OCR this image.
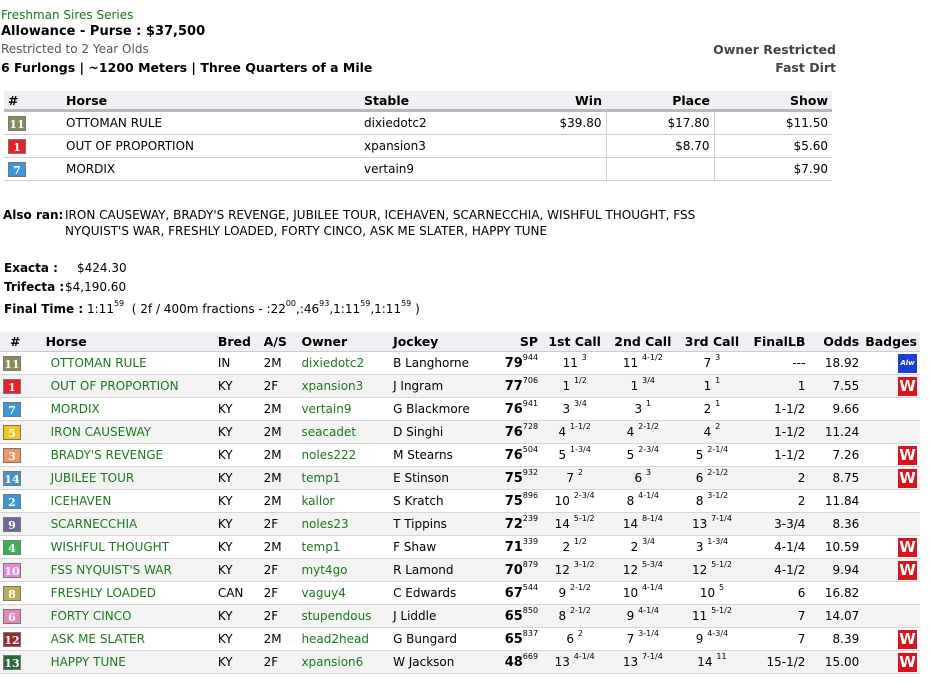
Freshman Sires Series
Allowance - Purse : $37,500
Restricted to 2 Year Olds
6 Furlongs | ~1200 Meters | Three Quarters of a Mile
Owner Restricted
Fast Dirt
#	Horse	Stable	Win	Place	Show
11	OTTOMAN RULE	dixiedotc2	$39.80	$17.80	$11.50
1	OUT OF PROPORTION	xpansion3		$8.70	$5.60
7	MORDIX	vertain9			$7.90
Also ran: IRON CAUSEWAY, BRADY'S REVENGE, JUBILEE TOUR, ICEHAVEN, SCARNECCHIA, WISHFUL THOUGHT, FSS
NYQUIST'S WAR, FRESHLY LOADED, FORTY CINCO, ASK ME SLATER, HAPPY TUNE
Exacta : $424.30
Trifecta : $4,190.60
Final Time : $1:11^{59}$ ( 2f / 400m fractions - $:22^{00},:46^{93},1:11^{59},1:11^{59}$ )
#	Horse	Bred	A/S	Owner	Jockey	SP	1st Call	2nd Call	3rd Call	FinalLB	Odds	Badges
11	OTTOMAN RULE	IN	2M	dixiedotc2	B Langhorne	$79^{944}$	11 $^3$	11 $^{4-1/2}$	7 $^3$	---	18.92	Alw
1	OUT OF PROPORTION	KY	2F	xpansion3	J Ingram	$77^{706}$	1 $^{1/2}$	1 $^{3/4}$	1 $^1$	1	7.55	W
7	MORDIX	KY	2M	vertain9	G Blackmore	$76^{941}$	3 $^{3/4}$	3 $^1$	2 $^1$	1-1/2	9.66	
5	IRON CAUSEWAY	KY	2M	seacadet	D Singhi	$76^{728}$	4 $^{1-1/2}$	4 $^{2-1/2}$	4 $^2$	1-1/2	11.24	
3	BRADY'S REVENGE	KY	2M	noles222	M Stearns	$76^{504}$	5 $^{1-3/4}$	5 $^{2-3/4}$	5 $^{2-1/4}$	1-1/2	7.26	W
14	JUBILEE TOUR	KY	2M	temp1	E Stinson	$75^{932}$	7 $^2$	6 $^3$	6 $^{2-1/2}$	2	8.75	W
2	ICEHAVEN	KY	2M	kallor	S Kratch	$75^{896}$	10 $^{2-3/4}$	8 $^{4-1/4}$	8 $^{3-1/2}$	2	11.84	
9	SCARNECCHIA	KY	2F	noles23	T Tippins	$72^{239}$	14 $^{5-1/2}$	14 $^{8-1/4}$	13 $^{7-1/4}$	3-3/4	8.36	
4	WISHFUL THOUGHT	KY	2M	temp1	F Shaw	$71^{339}$	2 $^{1/2}$	2 $^{3/4}$	3 $^{1-3/4}$	4-1/4	10.59	W
10	FSS NYQUIST'S WAR	KY	2F	myt4go	R Lamond	$70^{879}$	12 $^{3-1/2}$	12 $^{5-3/4}$	12 $^{5-1/2}$	4-1/2	9.94	W
8	FRESHLY LOADED	CAN	2F	vaguy4	C Edwards	$67^{544}$	9 $^{2-1/2}$	10 $^{4-1/4}$	10 $^5$	6	16.82	
6	FORTY CINCO	KY	2F	stupendous	J Liddle	$65^{850}$	8 $^{2-1/2}$	9 $^{4-1/4}$	11 $^{5-1/2}$	7	14.07	
12	ASK ME SLATER	KY	2M	head2head	G Bungard	$65^{837}$	6 $^2$	7 $^{3-1/4}$	9 $^{4-3/4}$	7	8.39	W
13	HAPPY TUNE	KY	2F	xpansion6	W Jackson	$48^{669}$	13 $^{4-1/4}$	13 $^{7-1/4}$	14 $^{11}$	15-1/2	15.00	W
